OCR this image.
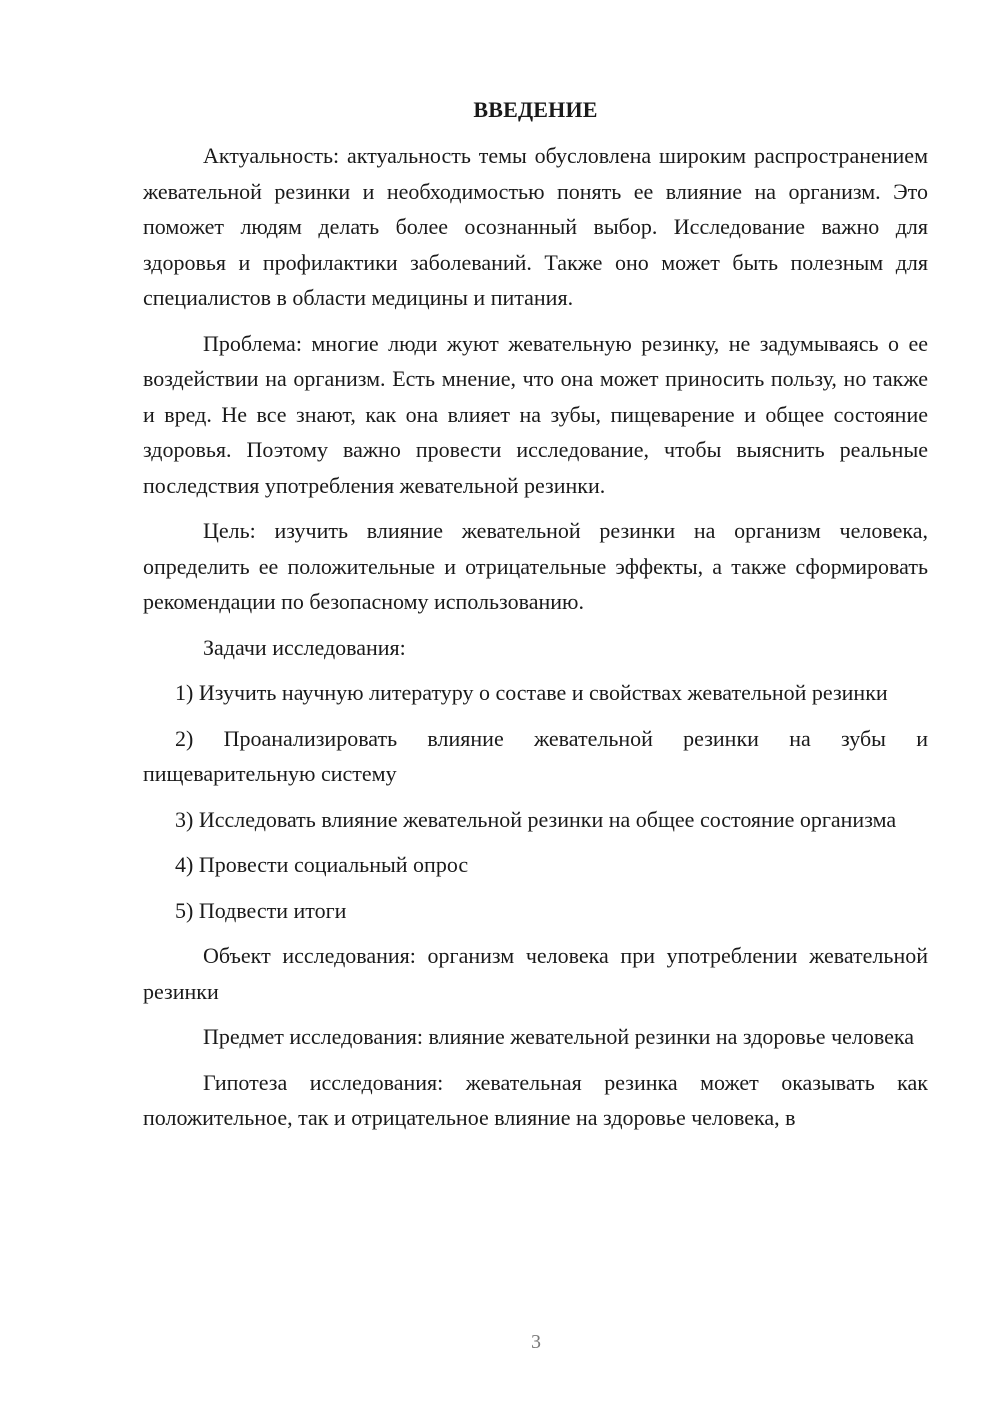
ВВЕДЕНИЕ

Актуальность: актуальность темы обусловлена широким распространением жевательной резинки и необходимостью понять ее влияние на организм. Это поможет людям делать более осознанный выбор. Исследование важно для здоровья и профилактики заболеваний. Также оно может быть полезным для специалистов в области медицины и питания.

Проблема: многие люди жуют жевательную резинку, не задумываясь о ее воздействии на организм. Есть мнение, что она может приносить пользу, но также и вред. Не все знают, как она влияет на зубы, пищеварение и общее состояние здоровья. Поэтому важно провести исследование, чтобы выяснить реальные последствия употребления жевательной резинки.

Цель: изучить влияние жевательной резинки на организм человека, определить ее положительные и отрицательные эффекты, а также сформировать рекомендации по безопасному использованию.

Задачи исследования:

1) Изучить научную литературу о составе и свойствах жевательной резинки

2) Проанализировать влияние жевательной резинки на зубы и пищеварительную систему

3) Исследовать влияние жевательной резинки на общее состояние организма

4) Провести социальный опрос

5) Подвести итоги

Объект исследования: организм человека при употреблении жевательной резинки

Предмет исследования: влияние жевательной резинки на здоровье человека

Гипотеза исследования: жевательная резинка может оказывать как положительное, так и отрицательное влияние на здоровье человека, в

3
